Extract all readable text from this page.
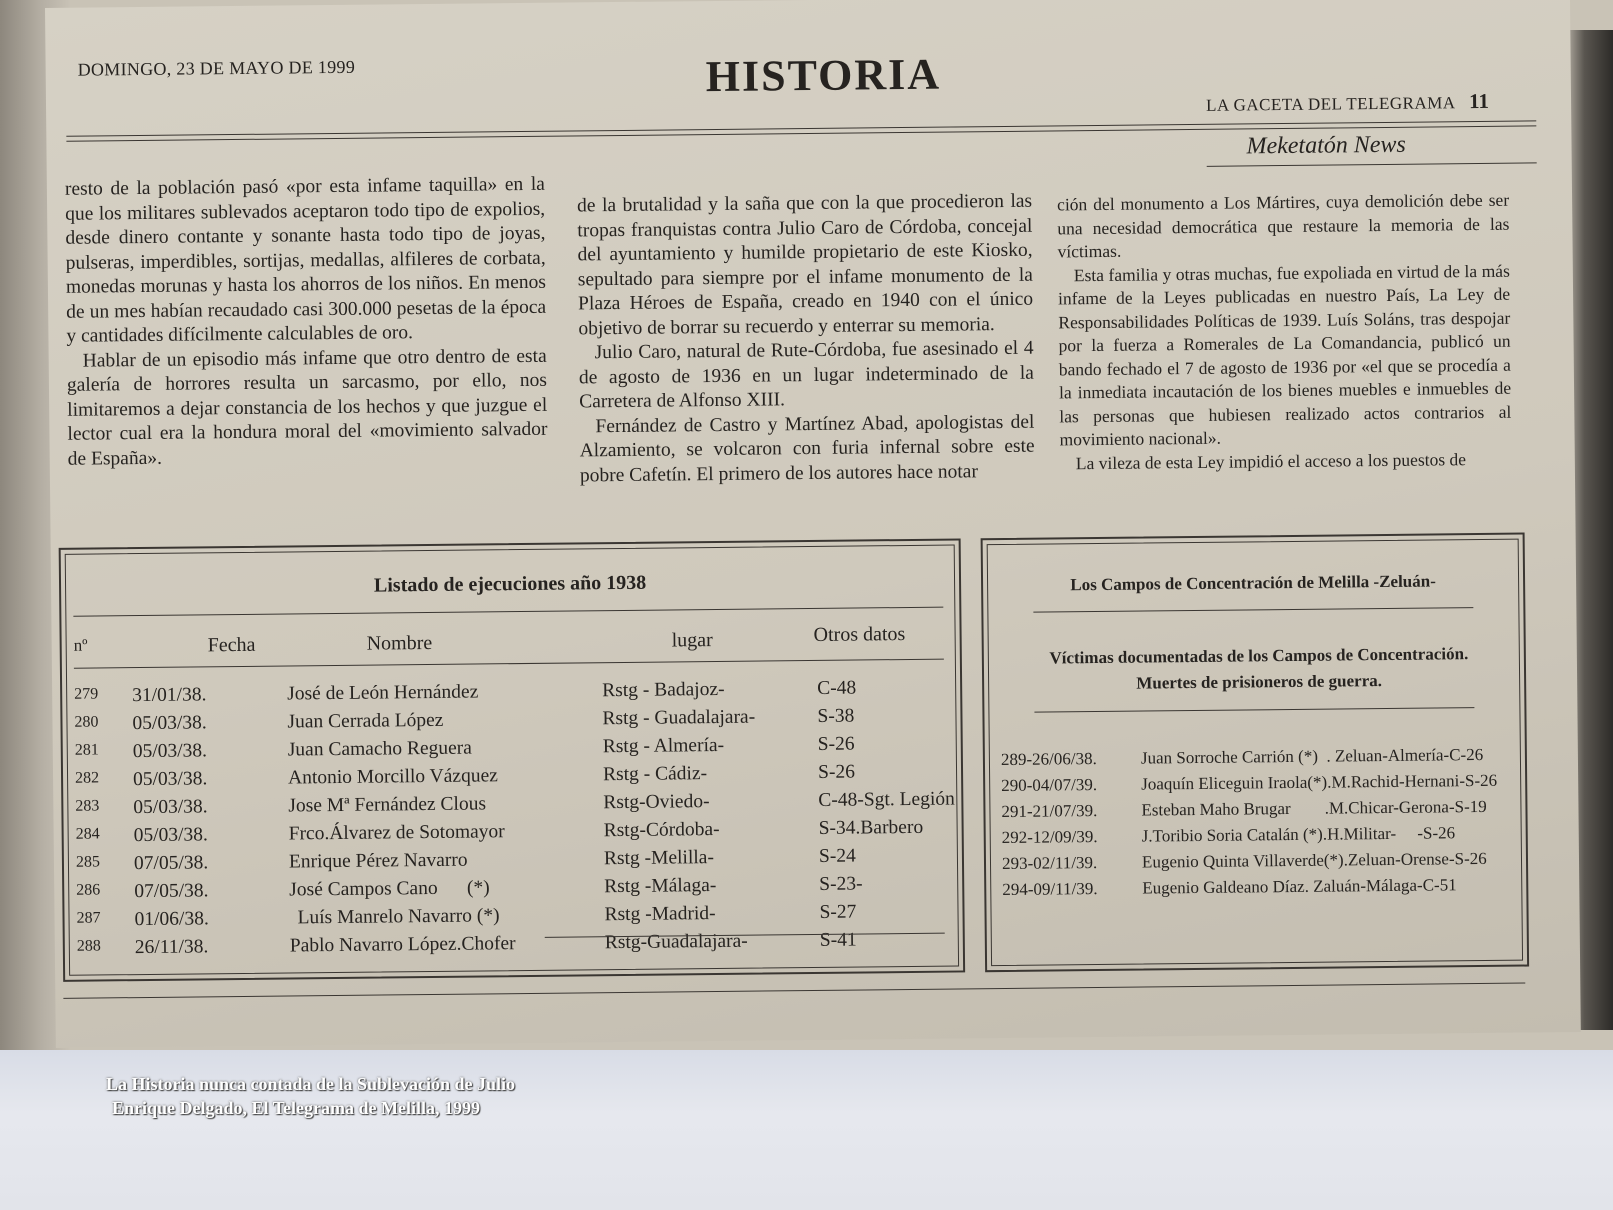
DOMINGO, 23 DE MAYO DE 1999	HISTORIA
LA GACETA DEL TELEGRAMA 11
Meketatón News

resto de la población pasó «por esta infame taquilla» en la que los militares sublevados aceptaron todo tipo de expolios, desde dinero contante y sonante hasta todo tipo de joyas, pulseras, imperdibles, sortijas, medallas, alfileres de corbata, monedas morunas y hasta los ahorros de los niños. En menos de un mes habían recaudado casi 300.000 pesetas de la época y cantidades difícilmente calculables de oro.

Hablar de un episodio más infame que otro dentro de esta galería de horrores resulta un sarcasmo, por ello, nos limitaremos a dejar constancia de los hechos y que juzgue el lector cual era la hondura moral del «movimiento salvador de España».

de la brutalidad y la saña que con la que procedieron las tropas franquistas contra Julio Caro de Córdoba, concejal del ayuntamiento y humilde propietario de este Kiosko, sepultado para siempre por el infame monumento de la Plaza Héroes de España, creado en 1940 con el único objetivo de borrar su recuerdo y enterrar su memoria.

Julio Caro, natural de Rute-Córdoba, fue asesinado el 4 de agosto de 1936 en un lugar indeterminado de la Carretera de Alfonso XIII.

Fernández de Castro y Martínez Abad, apologistas del Alzamiento, se volcaron con furia infernal sobre este pobre Cafetín. El primero de los autores hace notar

ción del monumento a Los Mártires, cuya demolición debe ser una necesidad democrática que restaure la memoria de las víctimas.

Esta familia y otras muchas, fue expoliada en virtud de la más infame de la Leyes publicadas en nuestro País, La Ley de Responsabilidades Políticas de 1939. Luís Soláns, tras despojar por la fuerza a Romerales de La Comandancia, publicó un bando fechado el 7 de agosto de 1936 por «el que se procedía a la inmediata incautación de los bienes muebles e inmuebles de las personas que hubiesen realizado actos contrarios al movimiento nacional».

La vileza de esta Ley impidió el acceso a los puestos de

Listado de ejecuciones año 1938
nº	Fecha	Nombre	lugar	Otros datos
279 31/01/38.	José de León Hernández	Rstg - Badajoz-	C-48
280 05/03/38.	Juan Cerrada López	Rstg - Guadalajara-	S-38
281 05/03/38.	Juan Camacho Reguera	Rstg - Almería-	S-26
282 05/03/38.	Antonio Morcillo Vázquez	Rstg - Cádiz-	S-26
283 05/03/38.	Jose Mª Fernández Clous	Rstg-Oviedo-	C-48-Sgt. Legión
284 05/03/38.	Frco.Álvarez de Sotomayor	Rstg-Córdoba-	S-34.Barbero
285 07/05/38.	Enrique Pérez Navarro	Rstg -Melilla-	S-24
286 07/05/38.	José Campos Cano      (*)	Rstg -Málaga-	S-23-
287 01/06/38.	Luís Manrelo Navarro (*)	Rstg -Madrid-	S-27
288 26/11/38.	Pablo Navarro López.Chofer	Rstg-Guadalajara-	S-41
Los Campos de Concentración de Melilla -Zeluán-
Víctimas documentadas de los Campos de Concentración.
Muertes de prisioneros de guerra.
289-26/06/38.	Juan Sorroche Carrión (*)  . Zeluan-Almería-C-26
290-04/07/39.	Joaquín Eliceguin Iraola(*).M.Rachid-Hernani-S-26
291-21/07/39.	Esteban Maho Brugar        .M.Chicar-Gerona-S-19
292-12/09/39.	J.Toribio Soria Catalán (*).H.Militar-     -S-26
293-02/11/39.	Eugenio Quinta Villaverde(*).Zeluan-Orense-S-26
294-09/11/39.	Eugenio Galdeano Díaz. Zaluán-Málaga-C-51
La Historia nunca contada de la Sublevación de Julio
Enrique Delgado, El Telegrama de Melilla, 1999
